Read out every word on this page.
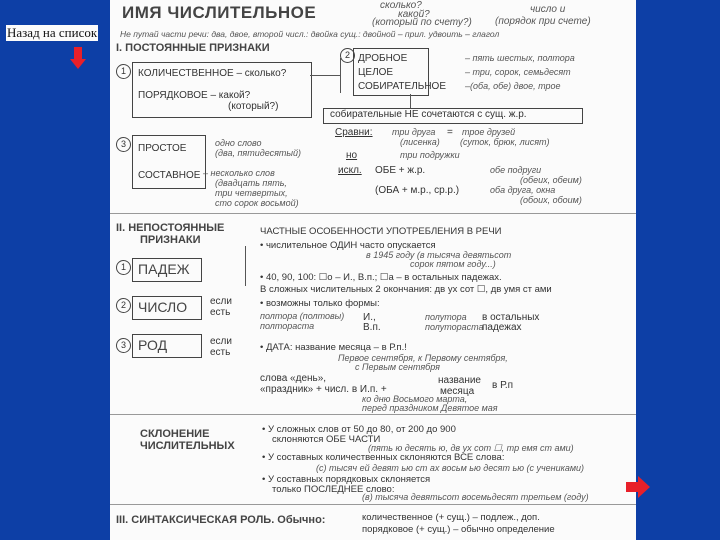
ИМЯ ЧИСЛИТЕЛЬНОЕ	сколько?
какой?
(который по счету?)
число и
(порядок при счете)
Не путай части речи: два, двое, второй числ.: двойка сущ.: двойной – прил. удвоить – глагол
I. ПОСТОЯННЫЕ ПРИЗНАКИ
1	КОЛИЧЕСТВЕННОЕ – сколько?
ПОРЯДКОВОЕ – какой?
(который?)
2 ДРОБНОЕ
ЦЕЛОЕ
СОБИРАТЕЛЬНОЕ
– пять шестых, полтора
– три, сорок, семьдесят
–(оба, обе) двое, трое
собирательные НЕ сочетаются с сущ. ж.р.
Сравни: три друга = трое друзей
(лисенка) (суток, брюк, лисят)
но	три подружки
искл. ОБЕ + ж.р.	обе подруги
(обеих, обеим)
(ОБА + м.р., ср.р.)	оба друга, окна
(обоих, обоим)
3	ПРОСТОЕ
СОСТАВНОЕ
одно слово
(два, пятидесятый)
– несколько слов
(двадцать пять,
три четвертых,
сто сорок восьмой)
II. НЕПОСТОЯННЫЕ
ПРИЗНАКИ
ЧАСТНЫЕ ОСОБЕННОСТИ УПОТРЕБЛЕНИЯ В РЕЧИ
• числительное ОДИН часто опускается
в 1945 году (в тысяча девятьсот
сорок пятом году...)
1 ПАДЕЖ
• 40, 90, 100: ☐о – И., В.п.; ☐а – в остальных падежах.
В сложных числительных 2 окончания: дв ух сот ☐, дв умя ст ами
2 ЧИСЛО если
есть
• возможны только формы:
полтора (полтовы)
полтораста
И.,
В.п.
полутора
полутораста
в остальных
падежах
3 РОД	если
есть	• ДАТА: название месяца – в Р.п.!
Первое сентября, к Первому сентября,
с Первым сентября
слова «день»,
«праздник» + числ. в И.п. +
название
месяца
в Р.п
ко дню Восьмого марта,
перед праздником Девятое мая
СКЛОНЕНИЕ
ЧИСЛИТЕЛЬНЫХ
• У сложных слов от 50 до 80, от 200 до 900
склоняются ОБЕ ЧАСТИ
(пять ю десять ю, дв ух сот ☐, тр емя ст ами)
• У составных количественных склоняются ВСЕ слова:
(с) тысяч ей девят ью ст ах восьм ью десят ью (с учениками)
• У составных порядковых склоняется
только ПОСЛЕДНЕЕ слово:
(в) тысяча девятьсот восемьдесят третьем (году)
III. СИНТАКСИЧЕСКАЯ РОЛЬ. Обычно:	количественное (+ сущ.) – подлеж., доп.
порядковое (+ сущ.) – обычно определение
Назад на список
